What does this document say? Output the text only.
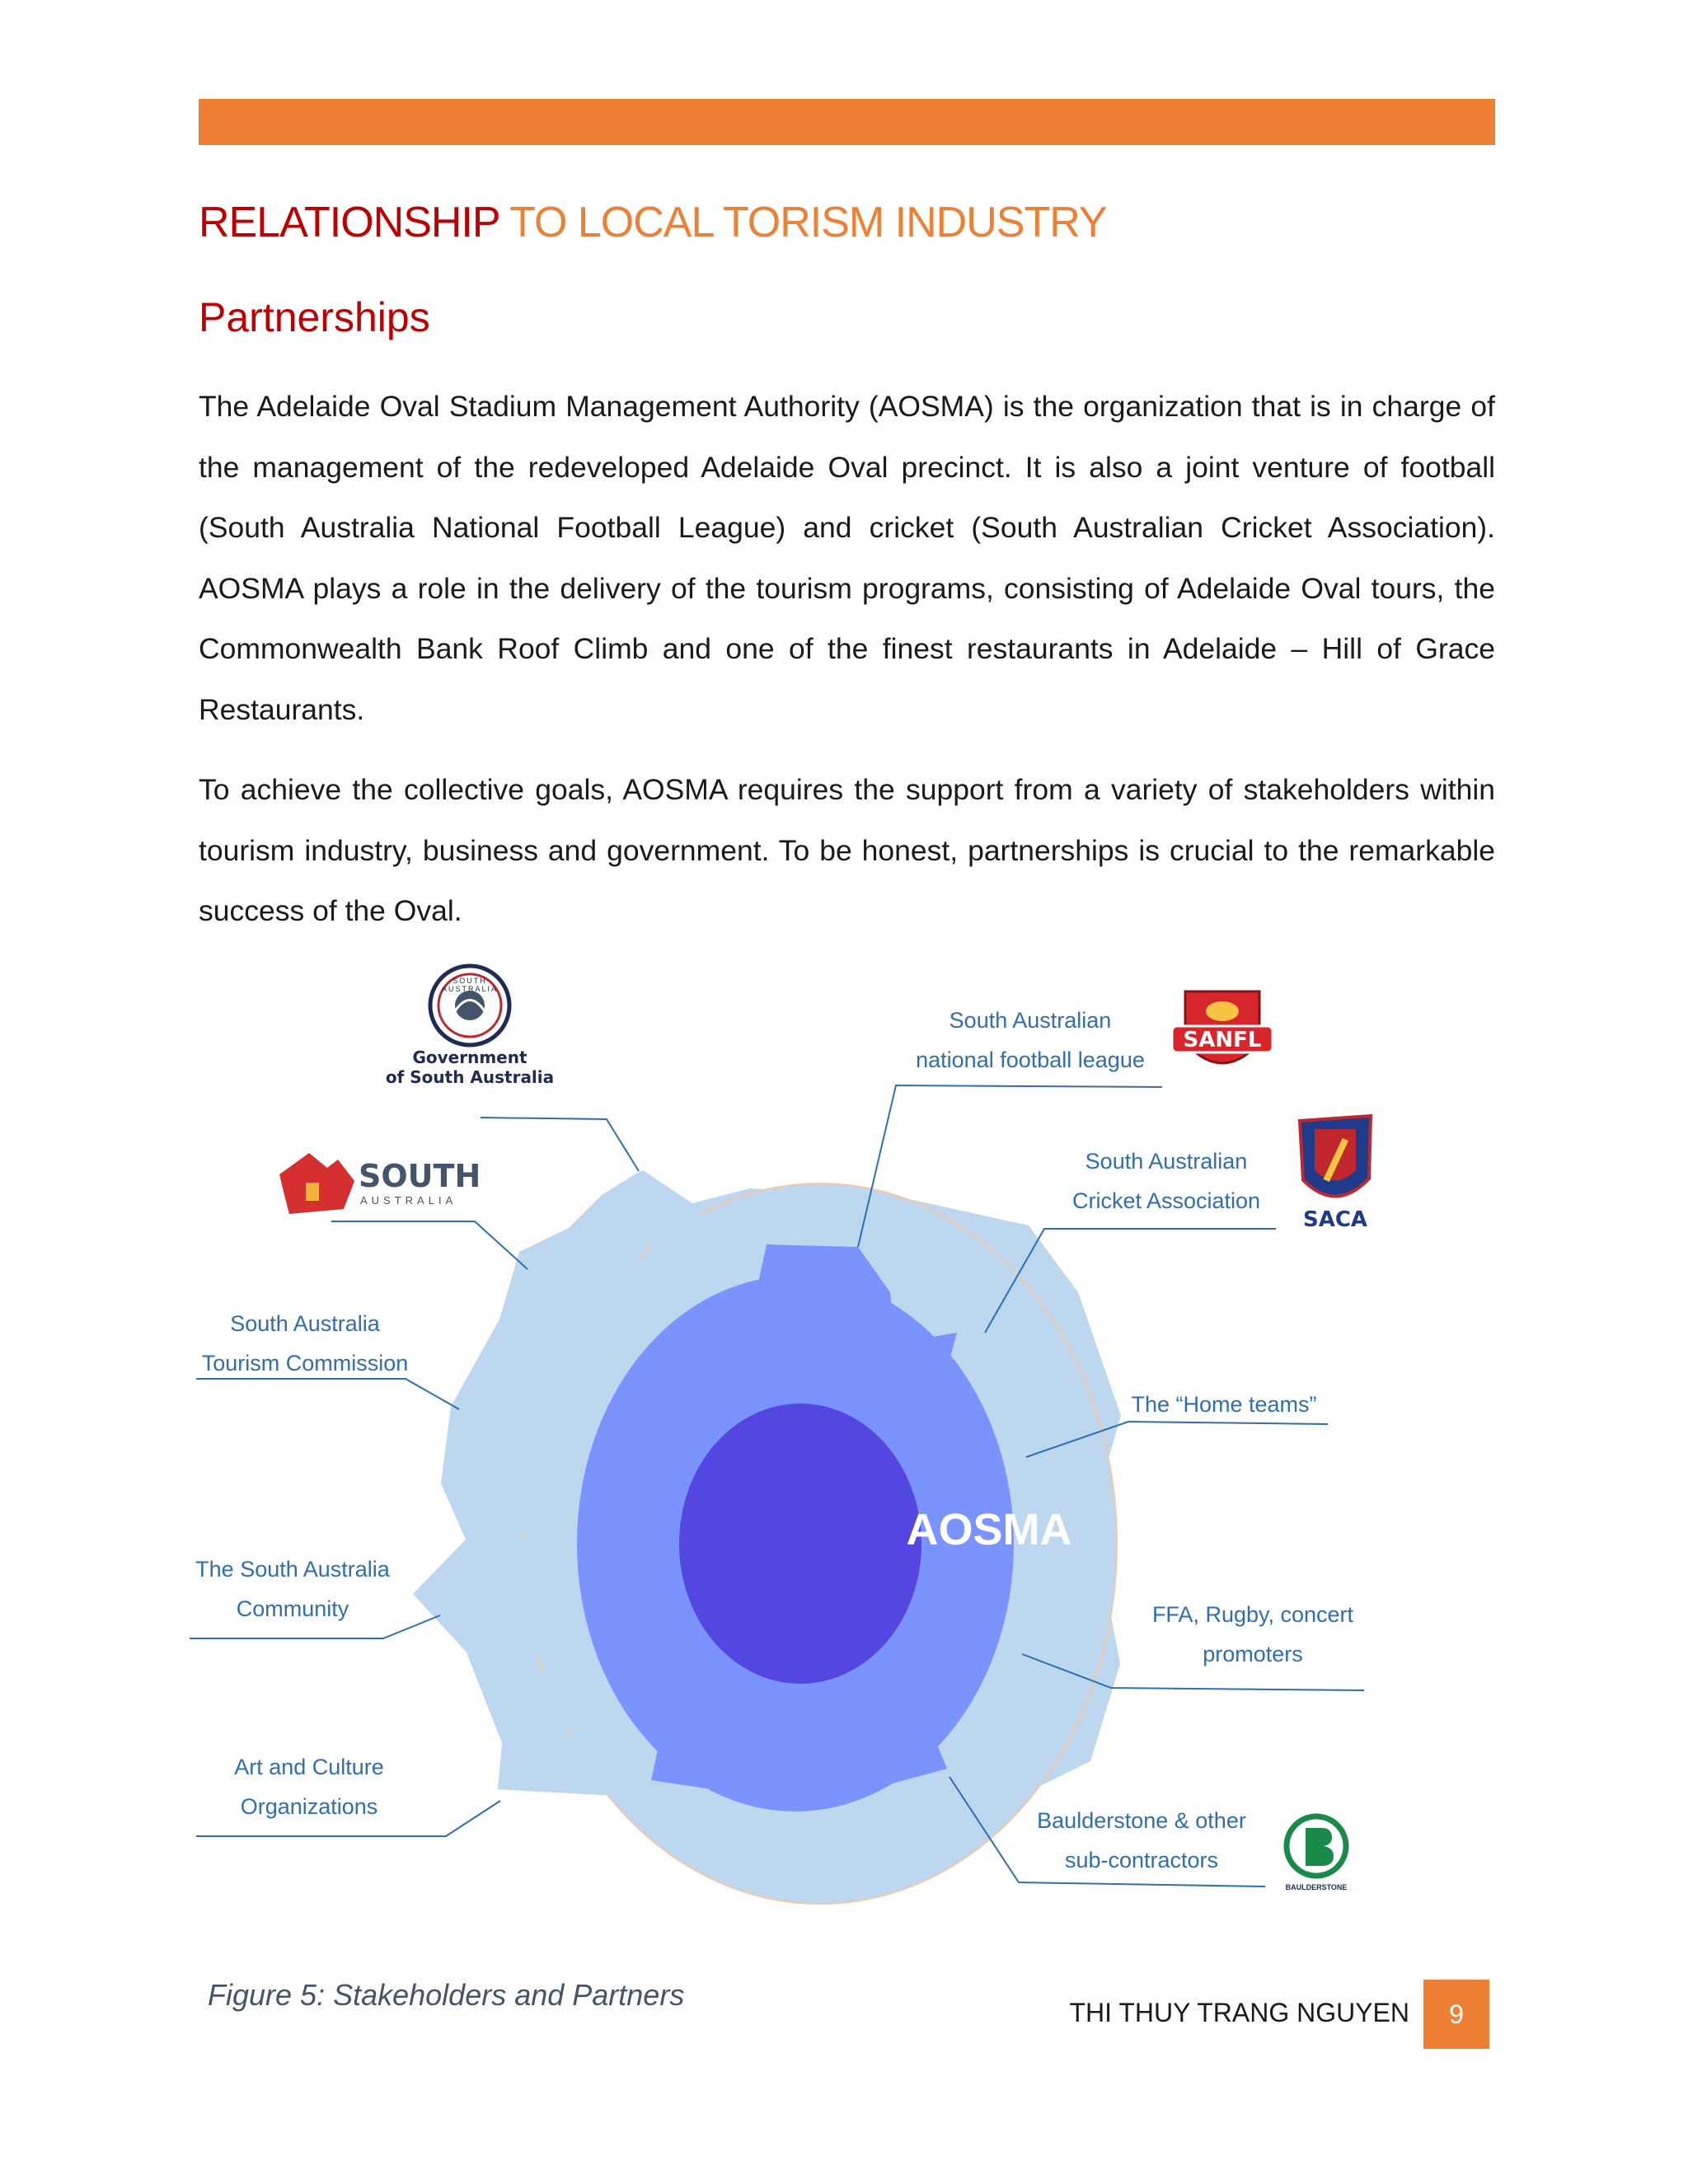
RELATIONSHIP TO LOCAL TORISM INDUSTRY
Partnerships

The Adelaide Oval Stadium Management Authority (AOSMA) is the organization that is in charge of the management of the redeveloped Adelaide Oval precinct. It is also a joint venture of football (South Australia National Football League) and cricket (South Australian Cricket Association). AOSMA plays a role in the delivery of the tourism programs, consisting of Adelaide Oval tours, the Commonwealth Bank Roof Climb and one of the finest restaurants in Adelaide – Hill of Grace Restaurants.

To achieve the collective goals, AOSMA requires the support from a variety of stakeholders within tourism industry, business and government. To be honest, partnerships is crucial to the remarkable success of the Oval.

Government
of South Australia
SOUTH AUSTRALIA
SOUTH
AUSTRALIA
SANFL
SACA
BAULDERSTONE
South Australian
national football league
South Australian
Cricket Association
South Australia
Tourism Commission
The “Home teams”
The South Australia
Community	FFA, Rugby, concert
promoters
Art and Culture
Organizations
Baulderstone & other
sub-contractors
AOSMA

Figure 5: Stakeholders and Partners

THI THUY TRANG NGUYEN	9
